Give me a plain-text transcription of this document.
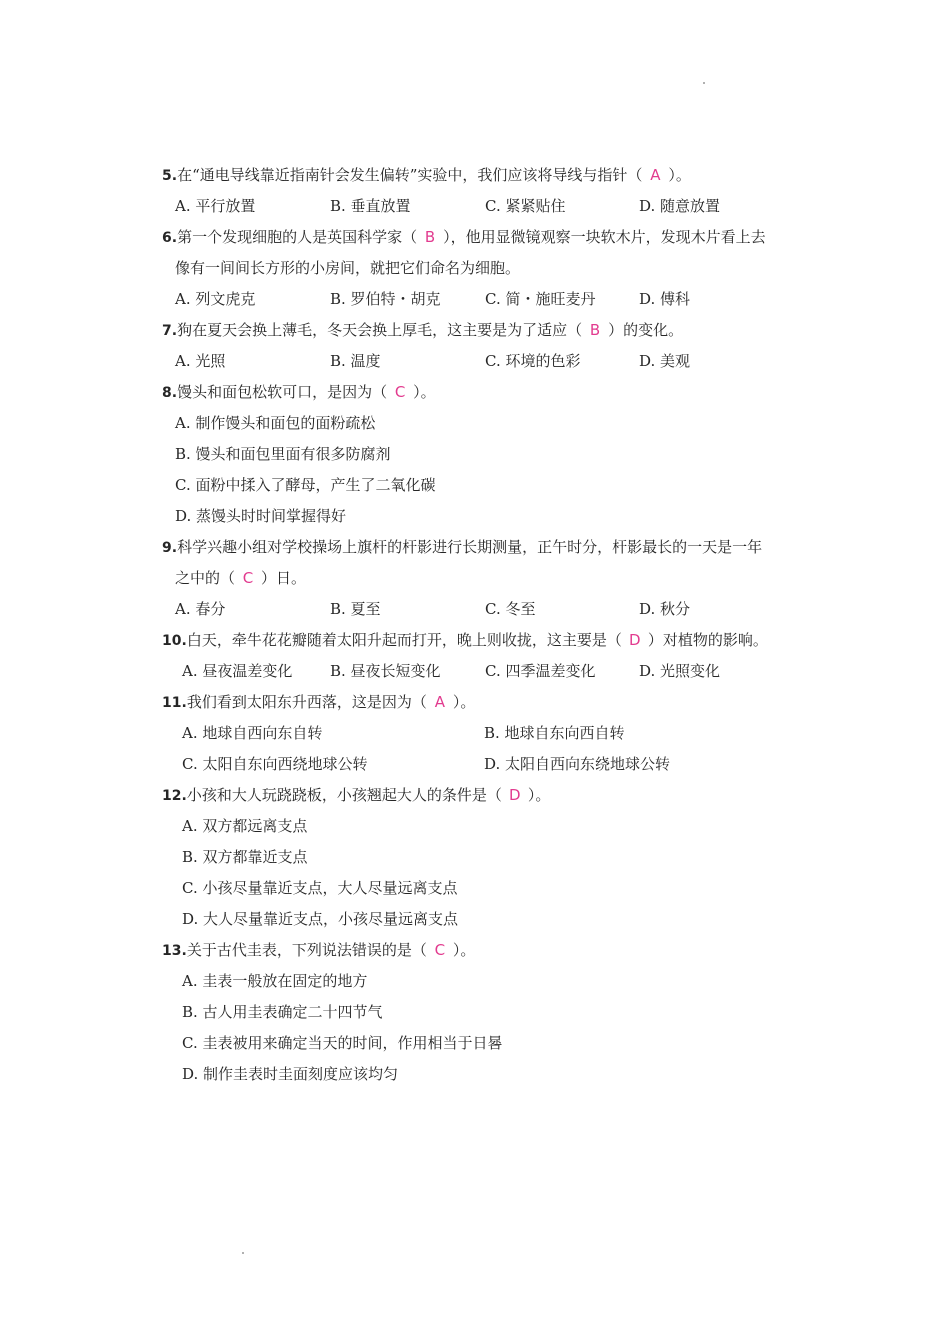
5.在“通电导线靠近指南针会发生偏转”实验中，我们应该将导线与指针（ A ）。
A. 平行放置	B. 垂直放置	C. 紧紧贴住	D. 随意放置
6.第一个发现细胞的人是英国科学家（ B ），他用显微镜观察一块软木片，发现木片看上去
像有一间间长方形的小房间，就把它们命名为细胞。
A. 列文虎克	B. 罗伯特・胡克	C. 简・施旺麦丹	D. 傅科
7.狗在夏天会换上薄毛，冬天会换上厚毛，这主要是为了适应（ B ）的变化。
A. 光照	B. 温度	C. 环境的色彩	D. 美观
8.馒头和面包松软可口，是因为（ C ）。
A. 制作馒头和面包的面粉疏松
B. 馒头和面包里面有很多防腐剂
C. 面粉中揉入了酵母，产生了二氧化碳
D. 蒸馒头时时间掌握得好
9.科学兴趣小组对学校操场上旗杆的杆影进行长期测量，正午时分，杆影最长的一天是一年
之中的（ C ）日。
A. 春分	B. 夏至	C. 冬至	D. 秋分
10.白天，牵牛花花瓣随着太阳升起而打开，晚上则收拢，这主要是（ D ）对植物的影响。
A. 昼夜温差变化	B. 昼夜长短变化	C. 四季温差变化	D. 光照变化
11.我们看到太阳东升西落，这是因为（ A ）。
A. 地球自西向东自转	B. 地球自东向西自转
C. 太阳自东向西绕地球公转	D. 太阳自西向东绕地球公转
12.小孩和大人玩跷跷板，小孩翘起大人的条件是（ D ）。
A. 双方都远离支点
B. 双方都靠近支点
C. 小孩尽量靠近支点，大人尽量远离支点
D. 大人尽量靠近支点，小孩尽量远离支点
13.关于古代圭表，下列说法错误的是（ C ）。
A. 圭表一般放在固定的地方
B. 古人用圭表确定二十四节气
C. 圭表被用来确定当天的时间，作用相当于日晷
D. 制作圭表时圭面刻度应该均匀
